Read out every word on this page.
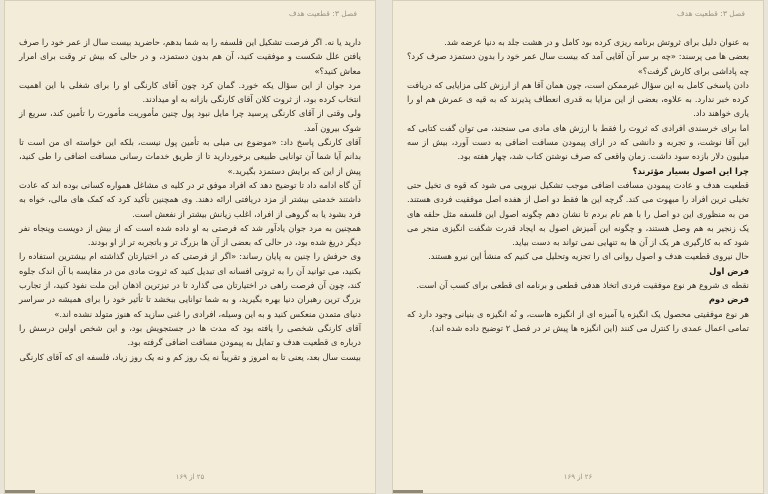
فصل ۳: قطعیت هدف

دارید یا نه. اگر فرصت تشکیل این فلسفه را به شما بدهم، حاضرید بیست سال از عمر خود را صرف یافتن علل شکست و موفقیت کنید، آن هم بدون دستمزد، و در حالی که بیش تر وقت برای امرار معاش کنید؟»

مرد جوان از این سؤال یکه خورد. گمان کرد چون آقای کارنگی او را برای شغلی با این اهمیت انتخاب کرده بود، از ثروت کلان آقای کارنگی بازانه به او میدادند.

ولی وقتی از آقای کارنگی پرسید چرا مایل نبود پول چنین مأموریت مأمورت را تأمین کند، سریع از شوک بیرون آمد.

آقای کارنگی پاسخ داد: «موضوع بی میلی به تأمین پول نیست، بلکه این خواسته ای من است تا بدانم آیا شما آن توانایی طبیعی برخوردارید تا از طریق خدمات رسانی مسافت اضافی را طی کنید، پیش از این که برایش دستمزد بگیرید.»

آن گاه ادامه داد تا توضیح دهد که افراد موفق تر در کلیه ی مشاغل همواره کسانی بوده اند که عادت داشتند خدمتی بیشتر از مزد دریافتی ارائه دهند. وی همچنین تأکید کرد که کمک های مالی، خواه به فرد بشود یا به گروهی از افراد، اغلب زیانش بیشتر از نفعش است.

همچنین به مرد جوان یادآور شد که فرصتی به او داده شده است که از بیش از دویست وپنجاه نفر دیگر دریغ شده بود، در حالی که بعضی از آن ها بزرگ تر و باتجربه تر از او بودند.

وی حرفش را چنین به پایان رساند: «اگر از فرصتی که در اختیارتان گذاشته ام بیشترین استفاده را بکنید، می توانید آن را به ثروتی افسانه ای تبدیل کنید که ثروت مادی من در مقایسه با آن اندک جلوه کند، چون آن فرصت راهی در اختیارتان می گذارد تا در تیزترین اذهان این ملت نفوذ کنید، از تجارب بزرگ ترین رهبران دنیا بهره بگیرید، و به شما توانایی ببخشد تا تأثیر خود را برای همیشه در سراسر دنیای متمدن منعکس کنید و به این وسیله، افرادی را غنی سازید که هنوز متولد نشده اند.»

آقای کارنگی شخصی را یافته بود که مدت ها در جستجویش بود، و این شخص اولین درسش را درباره ی قطعیت هدف و تمایل به پیمودن مسافت اضافی گرفته بود.

بیست سال بعد، یعنی تا به امروز و تقریباً نه یک روز کم و نه یک روز زیاد، فلسفه ای که آقای کارنگی

۲۵ از ۱۶۹
فصل ۳: قطعیت هدف

به عنوان دلیل برای ثروتش برنامه ریزی کرده بود کامل و در هشت جلد به دنیا عرضه شد.

بعضی ها می پرسند: «چه بر سر آن آقایی آمد که بیست سال عمر خود را بدون دستمزد صرف کرد؟ چه پاداشی برای کارش گرفت؟»

دادن پاسخی کامل به این سؤال غیرممکن است، چون همان آقا هم از ارزش کلی مزایایی که دریافت کرده خبر ندارد. به علاوه، بعضی از این مزایا به قدری انعطاف پذیرند که به قیه ی عمرش هم او را یاری خواهند داد.

اما برای خرسندی افرادی که ثروت را فقط با ارزش های مادی می سنجند، می توان گفت کتابی که این آقا نوشت، و تجربه و دانشی که در ازای پیمودن مسافت اضافی به دست آورد، بیش از سه میلیون دلار بازده سود داشت. زمان واقعی که صرف نوشتن کتاب شد، چهار هفته بود.

چرا این اصول بسیار مؤثرند؟

قطعیت هدف و عادت پیمودن مسافت اضافی موجب تشکیل نیرویی می شود که قوه ی تخیل حتی تخیلی ترین افراد را مبهوت می کند. گرچه این ها فقط دو اصل از هفده اصل موفقیت فردی هستند. من به منظوری این دو اصل را با هم نام بردم تا نشان دهم چگونه اصول این فلسفه مثل حلقه های یک زنجیر به هم وصل هستند، و چگونه این آمیزش اصول به ایجاد قدرت شگفت انگیزی منجر می شود که به کارگیری هر یک از آن ها به تنهایی نمی تواند به دست بیاید.

حال نیروی قطعیت هدف و اصول روانی ای را تجزیه وتحلیل می کنیم که منشأ این نیرو هستند.

فرض اول

نقطه ی شروع هر نوع موفقیت فردی اتخاذ هدفی قطعی و برنامه ای قطعی برای کسب آن است.

فرض دوم

هر نوع موفقیتی محصول یک انگیزه یا آمیزه ای از انگیزه هاست، و نُه انگیزه ی بنیانی وجود دارد که تمامی اعمال عمدی را کنترل می کنند (این انگیزه ها پیش تر در فصل ۲ توضیح داده شده اند).

۲۶ از ۱۶۹
